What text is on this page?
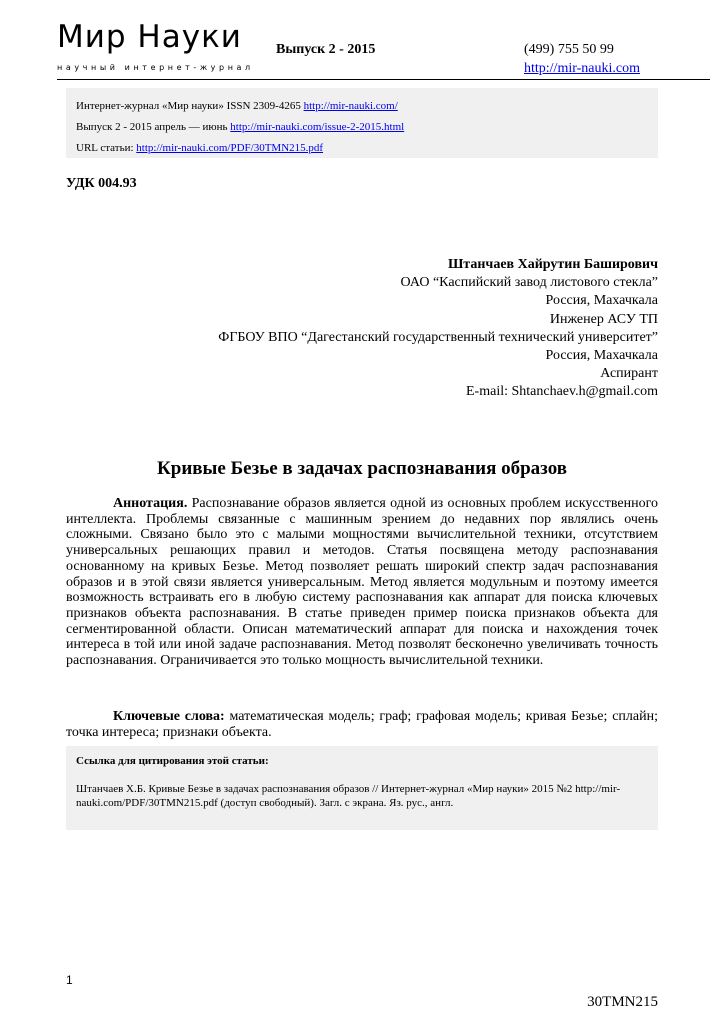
Мир Науки
научный интернет-журнал
Выпуск 2 - 2015	(499) 755 50 99
http://mir-nauki.com
Интернет-журнал «Мир науки» ISSN 2309-4265 http://mir-nauki.com/
Выпуск 2 - 2015 апрель — июнь http://mir-nauki.com/issue-2-2015.html
URL статьи: http://mir-nauki.com/PDF/30TMN215.pdf
УДК 004.93
Штанчаев Хайрутин Баширович
ОАО “Каспийский завод листового стекла”
Россия, Махачкала
Инженер АСУ ТП
ФГБОУ ВПО “Дагестанский государственный технический университет”
Россия, Махачкала
Аспирант
E-mail: Shtanchaev.h@gmail.com
Кривые Безье в задачах распознавания образов

Аннотация. Распознавание образов является одной из основных проблем искусственного интеллекта. Проблемы связанные с машинным зрением до недавних пор являлись очень сложными. Связано было это с малыми мощностями вычислительной техники, отсутствием универсальных решающих правил и методов. Статья посвящена методу распознавания основанному на кривых Безье. Метод позволяет решать широкий спектр задач распознавания образов и в этой связи является универсальным. Метод является модульным и поэтому имеется возможность встраивать его в любую систему распознавания как аппарат для поиска ключевых признаков объекта распознавания. В статье приведен пример поиска признаков объекта для сегментированной области. Описан математический аппарат для поиска и нахождения точек интереса в той или иной задаче распознавания. Метод позволят бесконечно увеличивать точность распознавания. Ограничивается это только мощность вычислительной техники.

Ключевые слова: математическая модель; граф; графовая модель; кривая Безье; сплайн; точка интереса; признаки объекта.

Ссылка для цитирования этой статьи:
Штанчаев Х.Б. Кривые Безье в задачах распознавания образов // Интернет-журнал «Мир науки» 2015 №2 http://mir-nauki.com/PDF/30TMN215.pdf (доступ свободный). Загл. с экрана. Яз. рус., англ.
1
30TMN215
